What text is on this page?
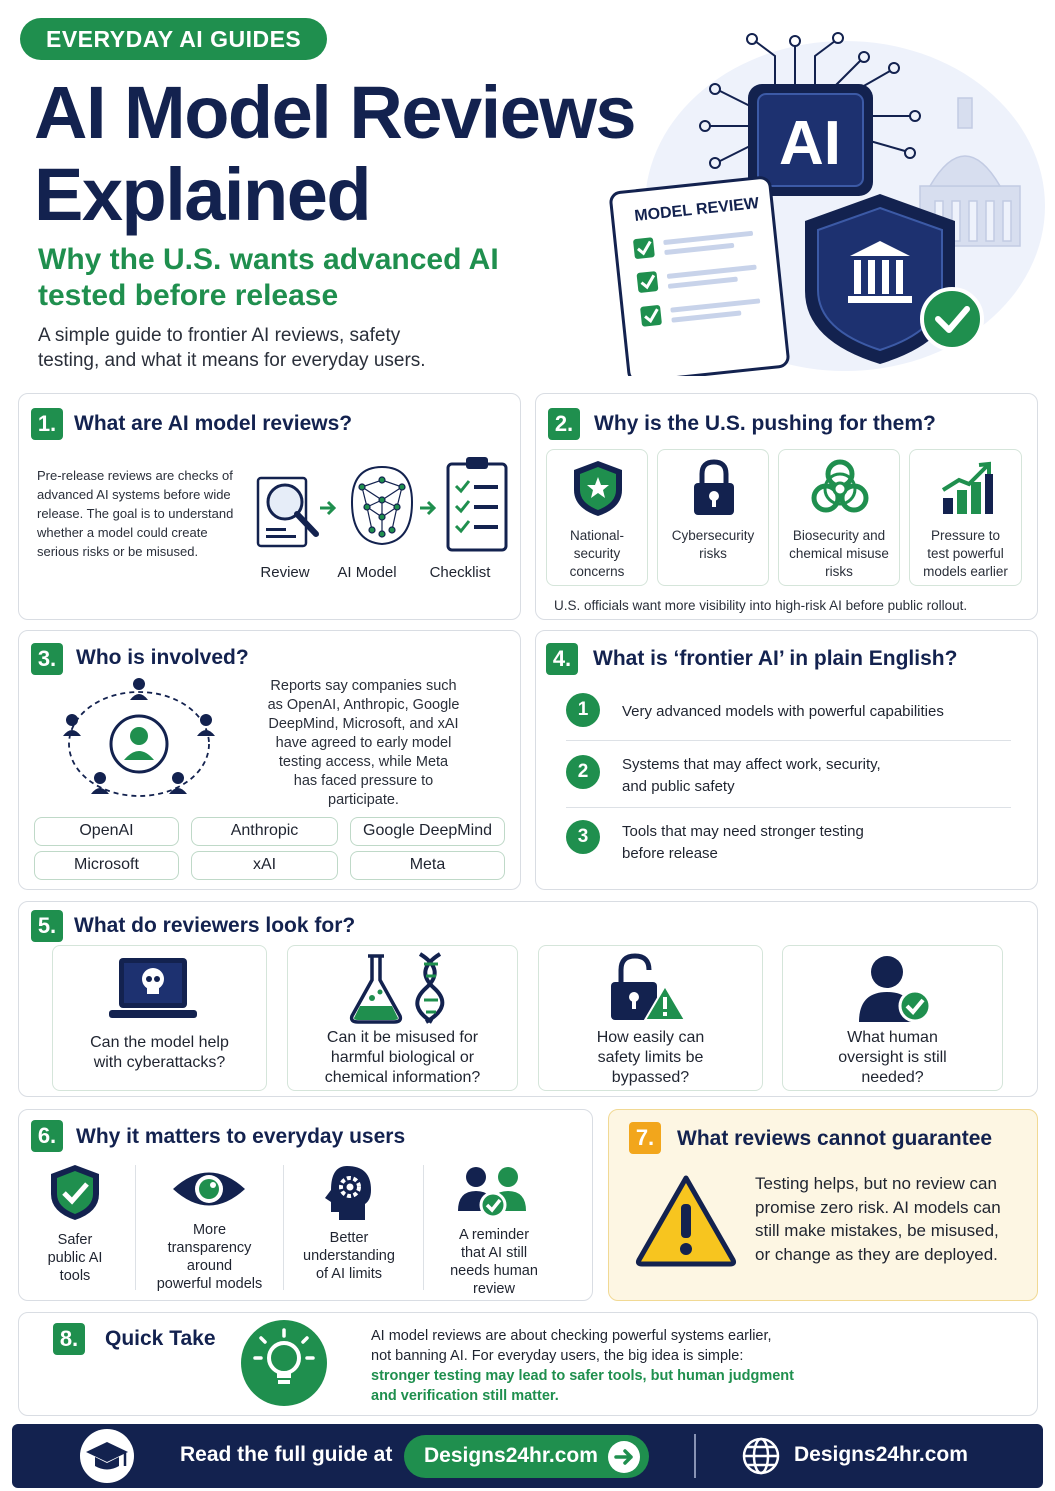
EVERYDAY AI GUIDES
AI Model Reviews
Explained
Why the U.S. wants advanced AI
tested before release
A simple guide to frontier AI reviews, safety
testing, and what it means for everyday users.
AI
MODEL REVIEW
1. What are AI model reviews?
Pre-release reviews are checks of
advanced AI systems before wide
release. The goal is to understand
whether a model could create
serious risks or be misused.
Review	AI Model	Checklist
2. Why is the U.S. pushing for them?
National-
security
concerns
Cybersecurity
risks
Biosecurity and
chemical misuse
risks
Pressure to
test powerful
models earlier
U.S. officials want more visibility into high-risk AI before public rollout.
3. Who is involved?
Reports say companies such
as OpenAI, Anthropic, Google
DeepMind, Microsoft, and xAI
have agreed to early model
testing access, while Meta
has faced pressure to
participate.
OpenAI	Anthropic	Google DeepMind
Microsoft	xAI	Meta
4.	What is ‘frontier AI’ in plain English?
1	Very advanced models with powerful capabilities
2	Systems that may affect work, security,
and public safety
3	Tools that may need stronger testing
before release
5. What do reviewers look for?
Can the model help
with cyberattacks?
Can it be misused for
harmful biological or
chemical information?
How easily can
safety limits be
bypassed?
What human
oversight is still
needed?
6. Why it matters to everyday users
Safer
public AI
tools
More
transparency
around
powerful models
Better
understanding
of AI limits
A reminder
that AI still
needs human
review
7.	What reviews cannot guarantee
Testing helps, but no review can
promise zero risk. AI models can
still make mistakes, be misused,
or change as they are deployed.
8.	Quick Take	AI model reviews are about checking powerful systems earlier,
not banning AI. For everyday users, the big idea is simple:
stronger testing may lead to safer tools, but human judgment
and verification still matter.
Read the full guide at Designs24hr.com	Designs24hr.com
